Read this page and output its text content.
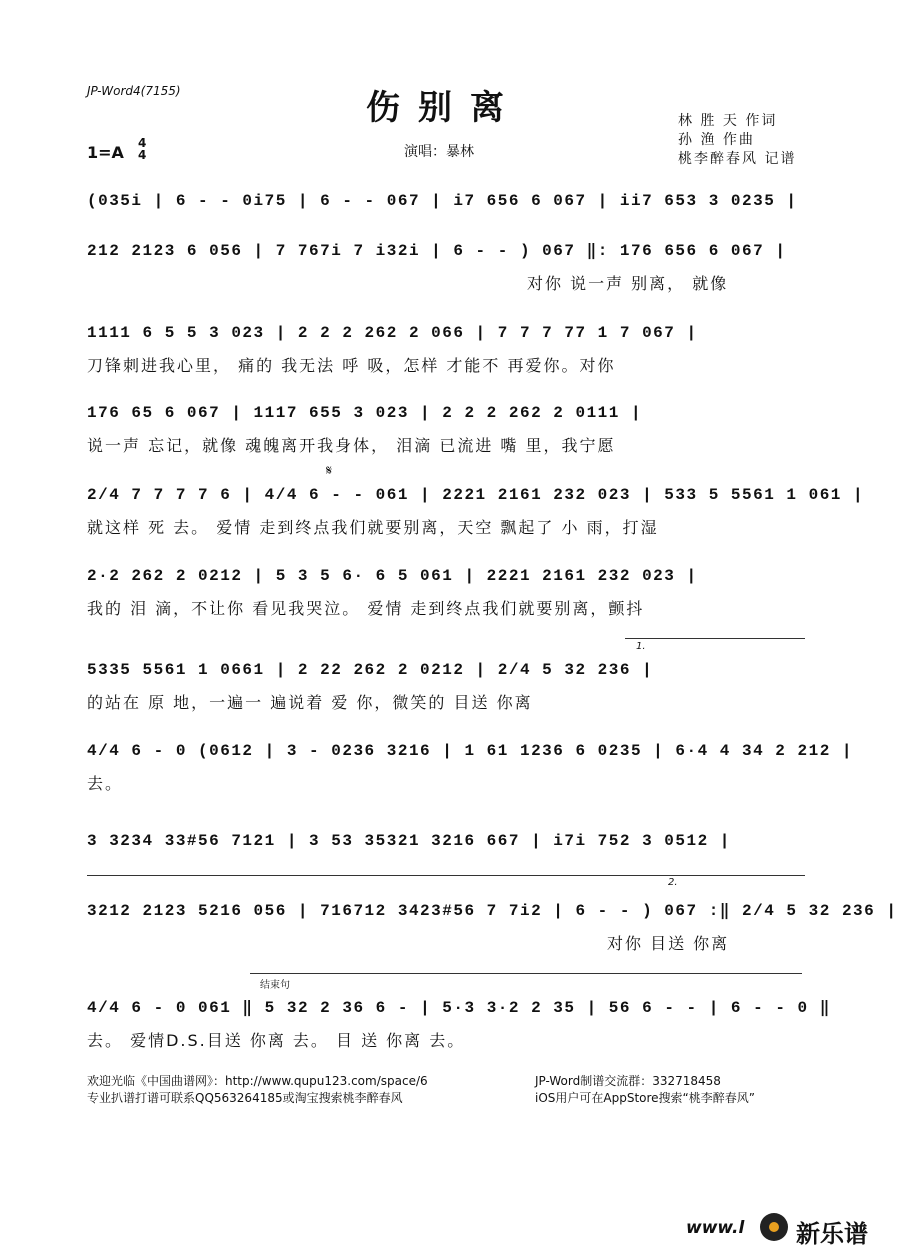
JP-Word4(7155)	伤别离	林 胜 天 作词
孙 渔 作曲
桃李醉春风 记谱
1=A 4
4	演唱：暴林
(035i | 6 - - 0i75 | 6 - - 067 | i7 656 6 067 | ii7 653 3 0235 |
212 2123 6 056 | 7 767i 7 i32i | 6 - - ) 067 ‖: 176 656 6 067 |
对你 说一声 别离， 就像
1111 6 5 5 3 023 | 2 2 2 262 2 066 | 7 7 7 77 1 7 067 |
刀锋刺进我心里， 痛的 我无法 呼 吸，怎样 才能不 再爱你。对你
176 65 6 067 | 1117 655 3 023 | 2 2 2 262 2 0111 |
说一声 忘记，就像 魂魄离开我身体， 泪滴 已流进 嘴 里，我宁愿
𝄋
2/4 7 7 7 7 6 | 4/4 6 - - 061 | 2221 2161 232 023 | 533 5 5561 1 061 |
就这样 死 去。 爱情 走到终点我们就要别离，天空 飘起了 小 雨，打湿
2·2 262 2 0212 | 5 3 5 6· 6 5 061 | 2221 2161 232 023 |
我的 泪 滴，不让你 看见我哭泣。 爱情 走到终点我们就要别离，颤抖
1.
5335 5561 1 0661 | 2 22 262 2 0212 | 2/4 5 32 236 |
的站在 原 地，一遍一 遍说着 爱 你，微笑的 目送 你离
4/4 6 - 0 (0612 | 3 - 0236 3216 | 1 61 1236 6 0235 | 6·4 4 34 2 212 |
去。
3 3234 33#56 7121 | 3 53 35321 3216 667 | i7i 752 3 0512 |
2.
3212 2123 5216 056 | 716712 3423#56 7 7i2 | 6 - - ) 067 :‖ 2/4 5 32 236 |
对你 目送 你离
结束句
4/4 6 - 0 061 ‖ 5 32 2 36 6 - | 5·3 3·2 2 35 | 56 6 - - | 6 - - 0 ‖
去。 爱情D.S.目送 你离 去。 目 送 你离 去。
欢迎光临《中国曲谱网》：http://www.qupu123.com/space/6
专业扒谱打谱可联系QQ563264185或淘宝搜索桃李醉春风
JP-Word制谱交流群：332718458
iOS用户可在AppStore搜索“桃李醉春风”
www.l 新乐谱
